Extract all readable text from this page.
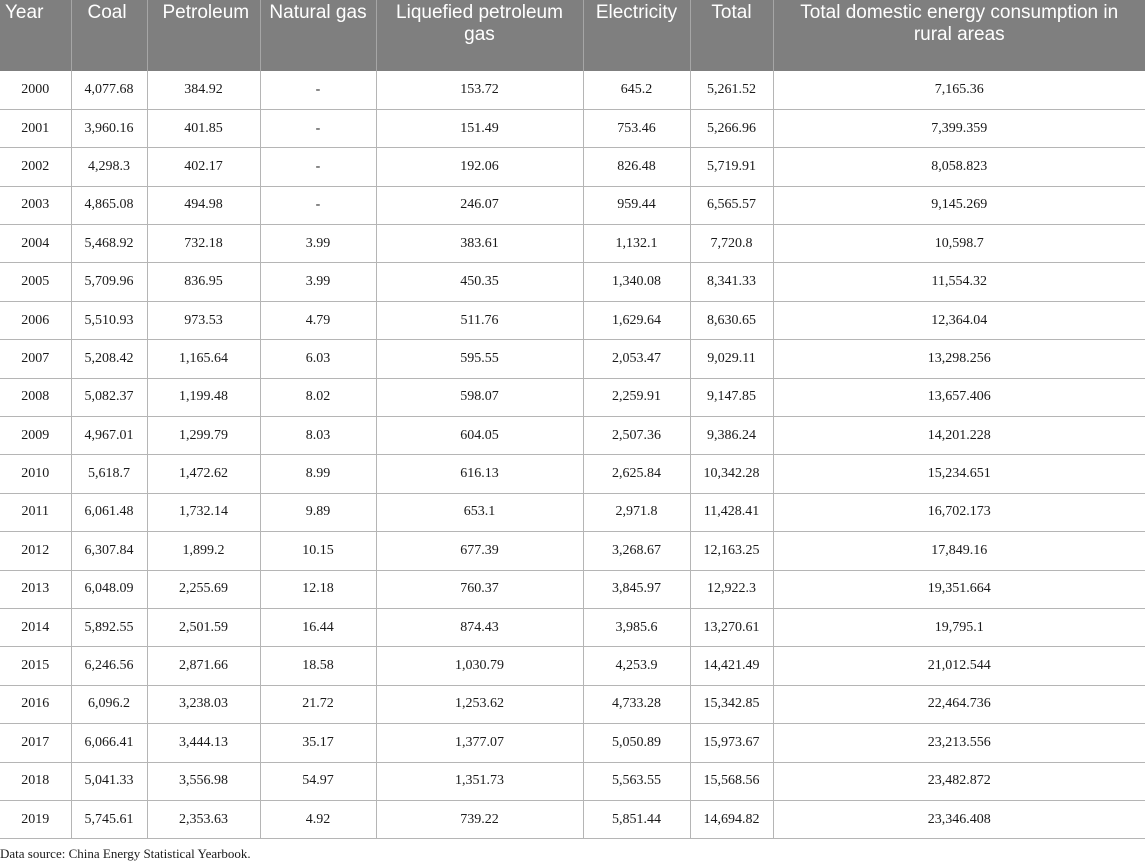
Year	Coal	Petroleum	Natural gas	Liquefied petroleum gas	Electricity	Total	Total domestic energy consumption in rural areas
2000	4,077.68	384.92	-	153.72	645.2	5,261.52	7,165.36
2001	3,960.16	401.85	-	151.49	753.46	5,266.96	7,399.359
2002	4,298.3	402.17	-	192.06	826.48	5,719.91	8,058.823
2003	4,865.08	494.98	-	246.07	959.44	6,565.57	9,145.269
2004	5,468.92	732.18	3.99	383.61	1,132.1	7,720.8	10,598.7
2005	5,709.96	836.95	3.99	450.35	1,340.08	8,341.33	11,554.32
2006	5,510.93	973.53	4.79	511.76	1,629.64	8,630.65	12,364.04
2007	5,208.42	1,165.64	6.03	595.55	2,053.47	9,029.11	13,298.256
2008	5,082.37	1,199.48	8.02	598.07	2,259.91	9,147.85	13,657.406
2009	4,967.01	1,299.79	8.03	604.05	2,507.36	9,386.24	14,201.228
2010	5,618.7	1,472.62	8.99	616.13	2,625.84	10,342.28	15,234.651
2011	6,061.48	1,732.14	9.89	653.1	2,971.8	11,428.41	16,702.173
2012	6,307.84	1,899.2	10.15	677.39	3,268.67	12,163.25	17,849.16
2013	6,048.09	2,255.69	12.18	760.37	3,845.97	12,922.3	19,351.664
2014	5,892.55	2,501.59	16.44	874.43	3,985.6	13,270.61	19,795.1
2015	6,246.56	2,871.66	18.58	1,030.79	4,253.9	14,421.49	21,012.544
2016	6,096.2	3,238.03	21.72	1,253.62	4,733.28	15,342.85	22,464.736
2017	6,066.41	3,444.13	35.17	1,377.07	5,050.89	15,973.67	23,213.556
2018	5,041.33	3,556.98	54.97	1,351.73	5,563.55	15,568.56	23,482.872
2019	5,745.61	2,353.63	4.92	739.22	5,851.44	14,694.82	23,346.408
Data source: China Energy Statistical Yearbook.
